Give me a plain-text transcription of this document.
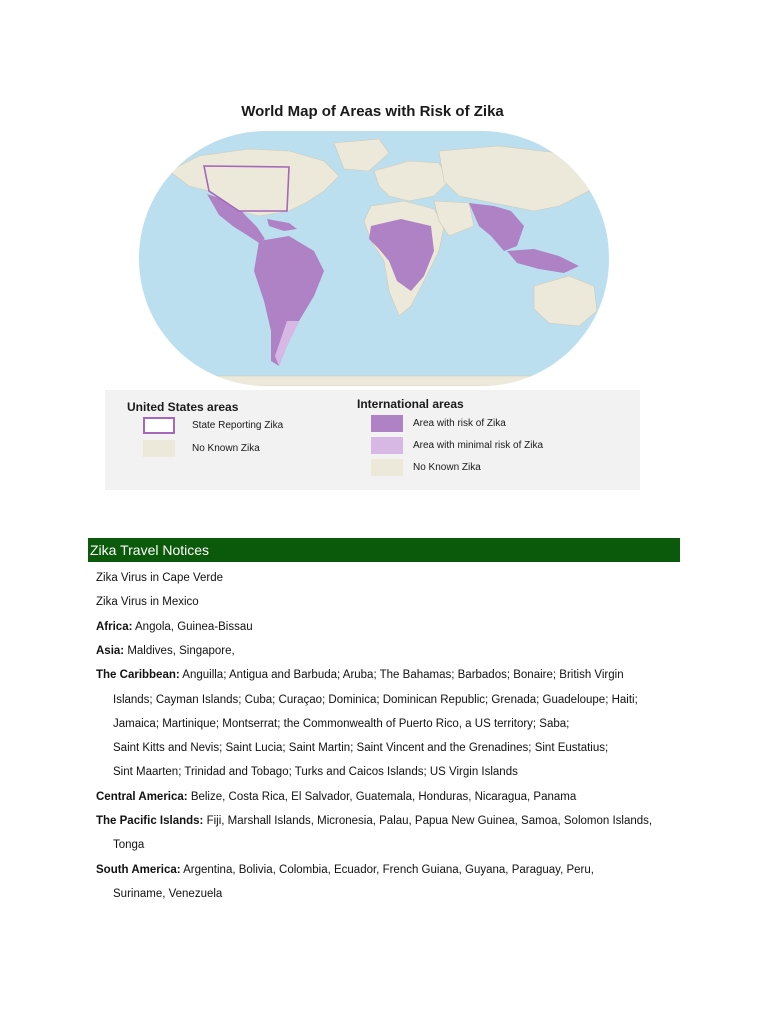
World Map of Areas with Risk of Zika
United States areas
State Reporting Zika
No Known Zika
International areas
Area with risk of Zika
Area with minimal risk of Zika
No Known Zika
Zika Travel Notices
Zika Virus in Cape Verde
Zika Virus in Mexico
Africa: Angola, Guinea-Bissau
Asia: Maldives, Singapore,
The Caribbean: Anguilla; Antigua and Barbuda; Aruba; The Bahamas; Barbados; Bonaire; British Virgin
Islands; Cayman Islands; Cuba; Curaçao; Dominica; Dominican Republic; Grenada; Guadeloupe; Haiti;
Jamaica; Martinique; Montserrat; the Commonwealth of Puerto Rico, a US territory; Saba;
Saint Kitts and Nevis; Saint Lucia; Saint Martin; Saint Vincent and the Grenadines; Sint Eustatius;
Sint Maarten; Trinidad and Tobago; Turks and Caicos Islands; US Virgin Islands
Central America: Belize, Costa Rica, El Salvador, Guatemala, Honduras, Nicaragua, Panama
The Pacific Islands: Fiji, Marshall Islands, Micronesia, Palau, Papua New Guinea, Samoa, Solomon Islands,
Tonga
South America: Argentina, Bolivia, Colombia, Ecuador, French Guiana, Guyana, Paraguay, Peru,
Suriname, Venezuela
